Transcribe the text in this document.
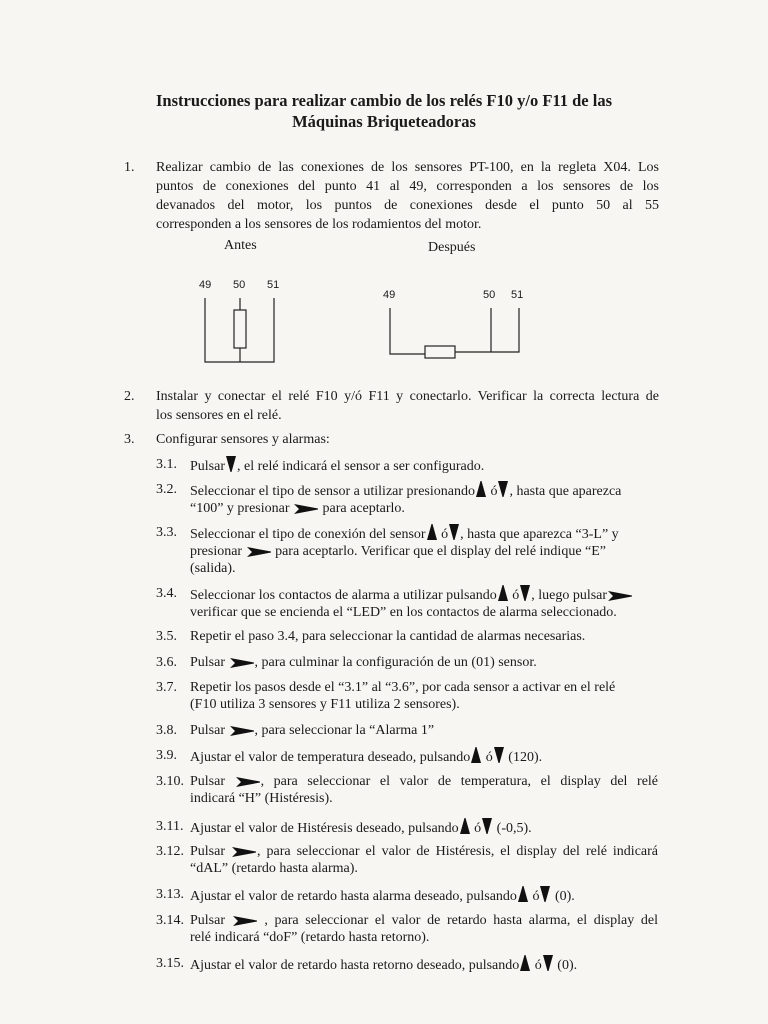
Instrucciones para realizar cambio de los relés F10 y/o F11 de las
Máquinas Briqueteadoras
1.	Realizar cambio de las conexiones de los sensores PT-100, en la regleta X04. Los
puntos de conexiones del punto 41 al 49, corresponden a los sensores de los
devanados del motor, los puntos de conexiones desde el punto 50 al 55
corresponden a los sensores de los rodamientos del motor.
Antes	Después
49 50 51
49	50 51
2.	Instalar y conectar el relé F10 y/ó F11 y conectarlo. Verificar la correcta lectura de
los sensores en el relé.
3.	Configurar sensores y alarmas:
3.1. Pulsar , el relé indicará el sensor a ser configurado.
3.2. Seleccionar el tipo de sensor a utilizar presionando ó , hasta que aparezca
“100” y presionar para aceptarlo.
3.3. Seleccionar el tipo de conexión del sensor ó , hasta que aparezca “3-L” y
presionar para aceptarlo. Verificar que el display del relé indique “E”
(salida).
3.4. Seleccionar los contactos de alarma a utilizar pulsando ó , luego pulsar
verificar que se encienda el “LED” en los contactos de alarma seleccionado.
3.5. Repetir el paso 3.4, para seleccionar la cantidad de alarmas necesarias.
3.6. Pulsar , para culminar la configuración de un (01) sensor.
3.7. Repetir los pasos desde el “3.1” al “3.6”, por cada sensor a activar en el relé
(F10 utiliza 3 sensores y F11 utiliza 2 sensores).
3.8. Pulsar , para seleccionar la “Alarma 1”
3.9. Ajustar el valor de temperatura deseado, pulsando ó (120).
3.10. Pulsar	, para seleccionar el valor de temperatura, el display del relé
indicará “H” (Histéresis).
3.11. Ajustar el valor de Histéresis deseado, pulsando ó (-0,5).
3.12. Pulsar , para seleccionar el valor de Histéresis, el display del relé indicará
“dAL” (retardo hasta alarma).
3.13. Ajustar el valor de retardo hasta alarma deseado, pulsando ó (0).
3.14. Pulsar	, para seleccionar el valor de retardo hasta alarma, el display del
relé indicará “doF” (retardo hasta retorno).
3.15. Ajustar el valor de retardo hasta retorno deseado, pulsando ó (0).
